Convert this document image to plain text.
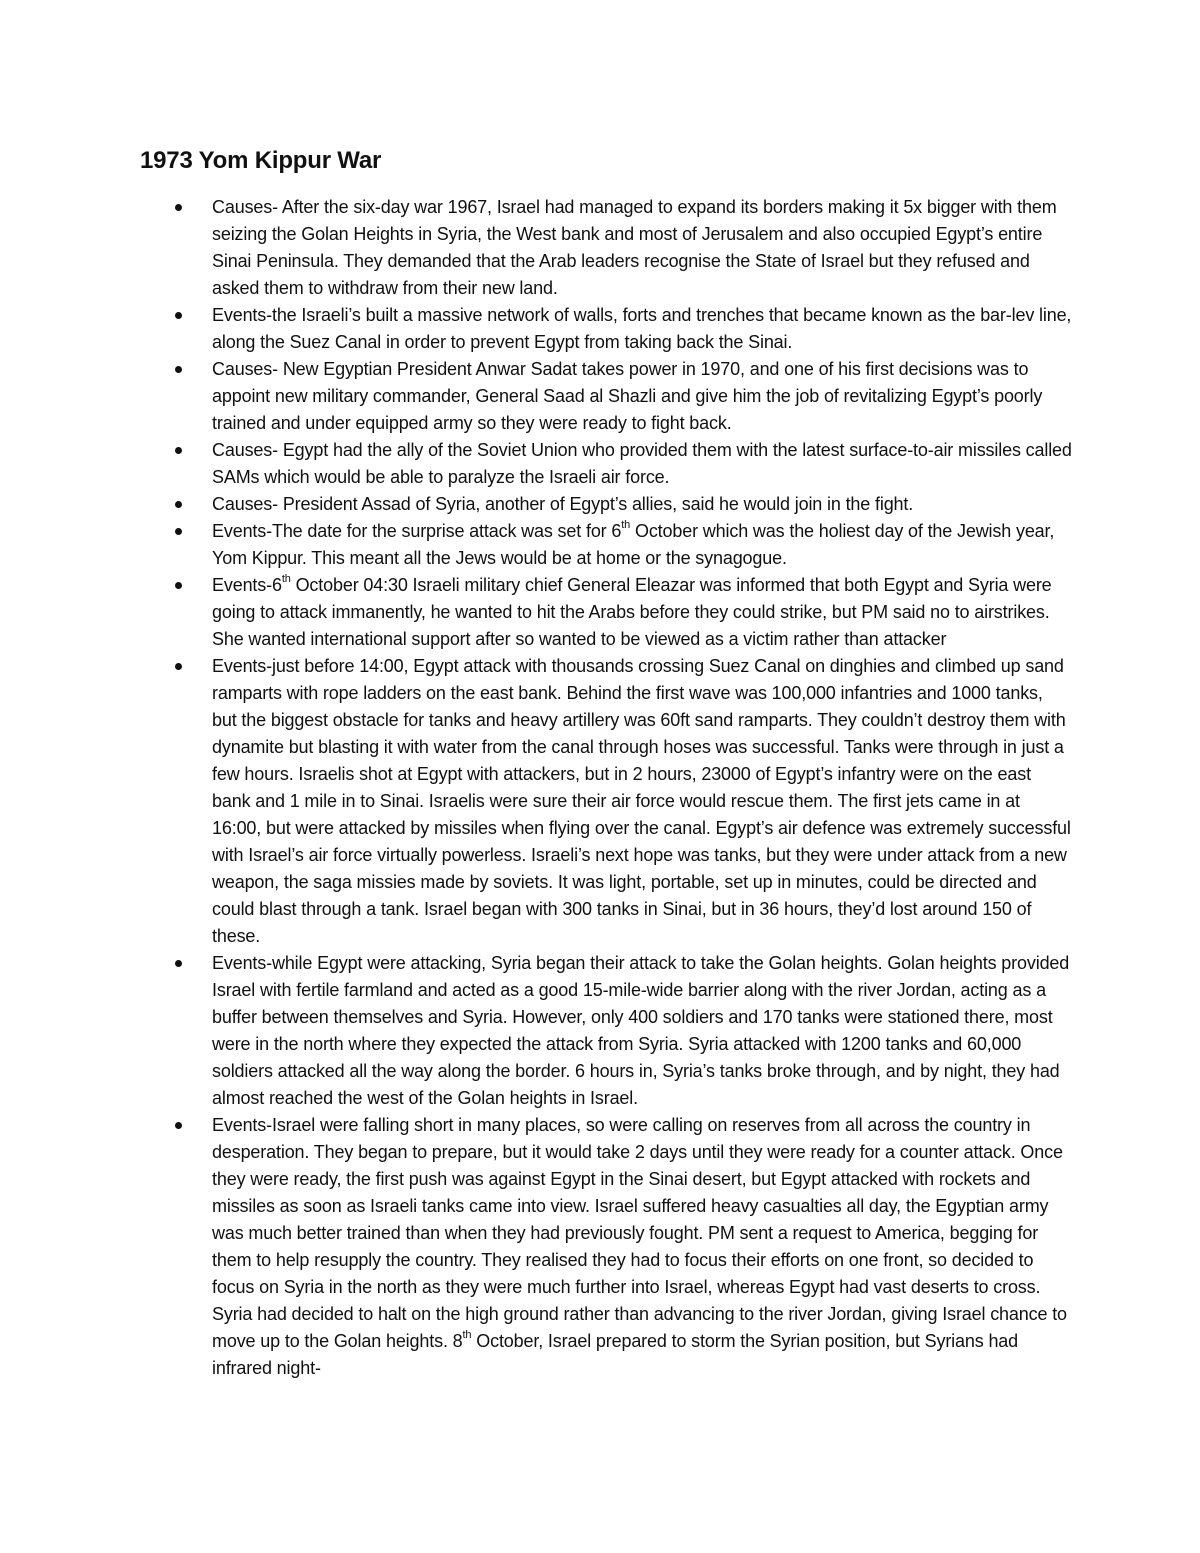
1973 Yom Kippur War
Causes- After the six-day war 1967, Israel had managed to expand its borders making it 5x bigger with them seizing the Golan Heights in Syria, the West bank and most of Jerusalem and also occupied Egypt’s entire Sinai Peninsula. They demanded that the Arab leaders recognise the State of Israel but they refused and asked them to withdraw from their new land.
Events-the Israeli’s built a massive network of walls, forts and trenches that became known as the bar-lev line, along the Suez Canal in order to prevent Egypt from taking back the Sinai.
Causes- New Egyptian President Anwar Sadat takes power in 1970, and one of his first decisions was to appoint new military commander, General Saad al Shazli and give him the job of revitalizing Egypt’s poorly trained and under equipped army so they were ready to fight back.
Causes- Egypt had the ally of the Soviet Union who provided them with the latest surface-to-air missiles called SAMs which would be able to paralyze the Israeli air force.
Causes- President Assad of Syria, another of Egypt’s allies, said he would join in the fight.
Events-The date for the surprise attack was set for 6th October which was the holiest day of the Jewish year, Yom Kippur. This meant all the Jews would be at home or the synagogue.
Events-6th October 04:30 Israeli military chief General Eleazar was informed that both Egypt and Syria were going to attack immanently, he wanted to hit the Arabs before they could strike, but PM said no to airstrikes. She wanted international support after so wanted to be viewed as a victim rather than attacker
Events-just before 14:00, Egypt attack with thousands crossing Suez Canal on dinghies and climbed up sand ramparts with rope ladders on the east bank. Behind the first wave was 100,000 infantries and 1000 tanks, but the biggest obstacle for tanks and heavy artillery was 60ft sand ramparts. They couldn’t destroy them with dynamite but blasting it with water from the canal through hoses was successful. Tanks were through in just a few hours. Israelis shot at Egypt with attackers, but in 2 hours, 23000 of Egypt’s infantry were on the east bank and 1 mile in to Sinai. Israelis were sure their air force would rescue them. The first jets came in at 16:00, but were attacked by missiles when flying over the canal. Egypt’s air defence was extremely successful with Israel’s air force virtually powerless. Israeli’s next hope was tanks, but they were under attack from a new weapon, the saga missies made by soviets. It was light, portable, set up in minutes, could be directed and could blast through a tank. Israel began with 300 tanks in Sinai, but in 36 hours, they’d lost around 150 of these.
Events-while Egypt were attacking, Syria began their attack to take the Golan heights. Golan heights provided Israel with fertile farmland and acted as a good 15-mile-wide barrier along with the river Jordan, acting as a buffer between themselves and Syria. However, only 400 soldiers and 170 tanks were stationed there, most were in the north where they expected the attack from Syria. Syria attacked with 1200 tanks and 60,000 soldiers attacked all the way along the border. 6 hours in, Syria’s tanks broke through, and by night, they had almost reached the west of the Golan heights in Israel.
Events-Israel were falling short in many places, so were calling on reserves from all across the country in desperation. They began to prepare, but it would take 2 days until they were ready for a counter attack. Once they were ready, the first push was against Egypt in the Sinai desert, but Egypt attacked with rockets and missiles as soon as Israeli tanks came into view. Israel suffered heavy casualties all day, the Egyptian army was much better trained than when they had previously fought. PM sent a request to America, begging for them to help resupply the country. They realised they had to focus their efforts on one front, so decided to focus on Syria in the north as they were much further into Israel, whereas Egypt had vast deserts to cross. Syria had decided to halt on the high ground rather than advancing to the river Jordan, giving Israel chance to move up to the Golan heights. 8th October, Israel prepared to storm the Syrian position, but Syrians had infrared night-
